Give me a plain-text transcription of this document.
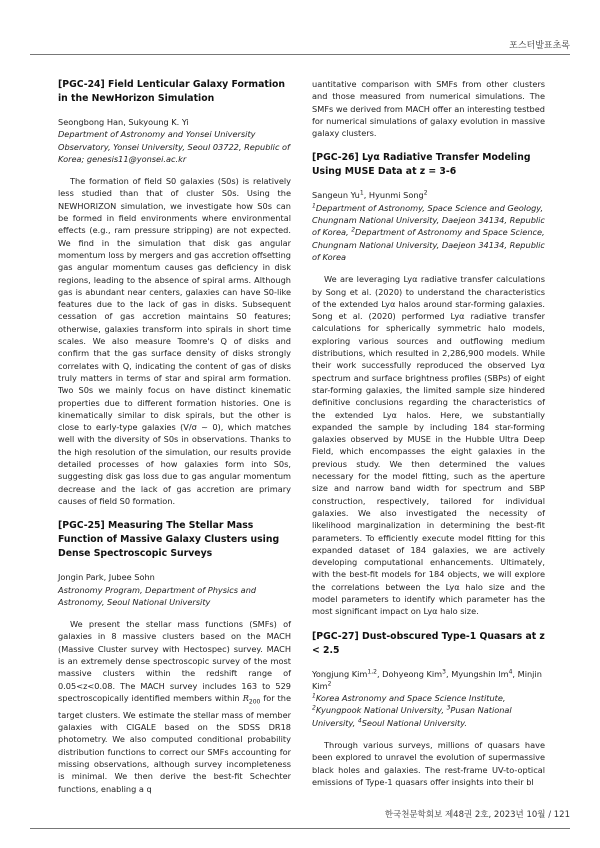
포스터발표초록

[PGC-24] Field Lenticular Galaxy Formation in the NewHorizon Simulation

Seongbong Han, Sukyoung K. Yi

Department of Astronomy and Yonsei University Observatory, Yonsei University, Seoul 03722, Republic of Korea; genesis11@yonsei.ac.kr

The formation of field S0 galaxies (S0s) is relatively less studied than that of cluster S0s. Using the NEWHORIZON simulation, we investigate how S0s can be formed in field environments where environmental effects (e.g., ram pressure stripping) are not expected. We find in the simulation that disk gas angular momentum loss by mergers and gas accretion offsetting gas angular momentum causes gas deficiency in disk regions, leading to the absence of spiral arms. Although gas is abundant near centers, galaxies can have S0-like features due to the lack of gas in disks. Subsequent cessation of gas accretion maintains S0 features; otherwise, galaxies transform into spirals in short time scales. We also measure Toomre's Q of disks and confirm that the gas surface density of disks strongly correlates with Q, indicating the content of gas of disks truly matters in terms of star and spiral arm formation. Two S0s we mainly focus on have distinct kinematic properties due to different formation histories. One is kinematically similar to disk spirals, but the other is close to early-type galaxies (V/σ ~ 0), which matches well with the diversity of S0s in observations. Thanks to the high resolution of the simulation, our results provide detailed processes of how galaxies form into S0s, suggesting disk gas loss due to gas angular momentum decrease and the lack of gas accretion are primary causes of field S0 formation.

[PGC-25] Measuring The Stellar Mass Function of Massive Galaxy Clusters using Dense Spectroscopic Surveys

Jongin Park, Jubee Sohn

Astronomy Program, Department of Physics and Astronomy, Seoul National University

We present the stellar mass functions (SMFs) of galaxies in 8 massive clusters based on the MACH (Massive Cluster survey with Hectospec) survey. MACH is an extremely dense spectroscopic survey of the most massive clusters within the redshift range of 0.05<z<0.08. The MACH survey includes 163 to 529 spectroscopically identified members within $R_{200}$ for the target clusters. We estimate the stellar mass of member galaxies with CIGALE based on the SDSS DR18 photometry. We also computed conditional probability distribution functions to correct our SMFs accounting for missing observations, although survey incompleteness is minimal. We then derive the best-fit Schechter functions, enabling a q

uantitative comparison with SMFs from other clusters and those measured from numerical simulations. The SMFs we derived from MACH offer an interesting testbed for numerical simulations of galaxy evolution in massive galaxy clusters.

[PGC-26] Lyα Radiative Transfer Modeling Using MUSE Data at z = 3-6

Sangeun Yu$^1$, Hyunmi Song$^2$

$^1$Department of Astronomy, Space Science and Geology, Chungnam National University, Daejeon 34134, Republic of Korea, $^2$Department of Astronomy and Space Science, Chungnam National University, Daejeon 34134, Republic of Korea

We are leveraging Lyα radiative transfer calculations by Song et al. (2020) to understand the characteristics of the extended Lyα halos around star-forming galaxies. Song et al. (2020) performed Lyα radiative transfer calculations for spherically symmetric halo models, exploring various sources and outflowing medium distributions, which resulted in 2,286,900 models. While their work successfully reproduced the observed Lyα spectrum and surface brightness profiles (SBPs) of eight star-forming galaxies, the limited sample size hindered definitive conclusions regarding the characteristics of the extended Lyα halos. Here, we substantially expanded the sample by including 184 star-forming galaxies observed by MUSE in the Hubble Ultra Deep Field, which encompasses the eight galaxies in the previous study. We then determined the values necessary for the model fitting, such as the aperture size and narrow band width for spectrum and SBP construction, respectively, tailored for individual galaxies. We also investigated the necessity of likelihood marginalization in determining the best-fit parameters. To efficiently execute model fitting for this expanded dataset of 184 galaxies, we are actively developing computational enhancements. Ultimately, with the best-fit models for 184 objects, we will explore the correlations between the Lyα halo size and the model parameters to identify which parameter has the most significant impact on Lyα halo size.

[PGC-27] Dust-obscured Type-1 Quasars at z < 2.5

Yongjung Kim$^{1,2}$, Dohyeong Kim$^3$, Myungshin Im$^4$, Minjin Kim$^2$

$^1$Korea Astronomy and Space Science Institute, $^2$Kyungpook National University, $^3$Pusan National University, $^4$Seoul National University.

Through various surveys, millions of quasars have been explored to unravel the evolution of supermassive black holes and galaxies. The rest-frame UV-to-optical emissions of Type-1 quasars offer insights into their bl

한국천문학회보 제48권 2호, 2023년 10월 / 121
